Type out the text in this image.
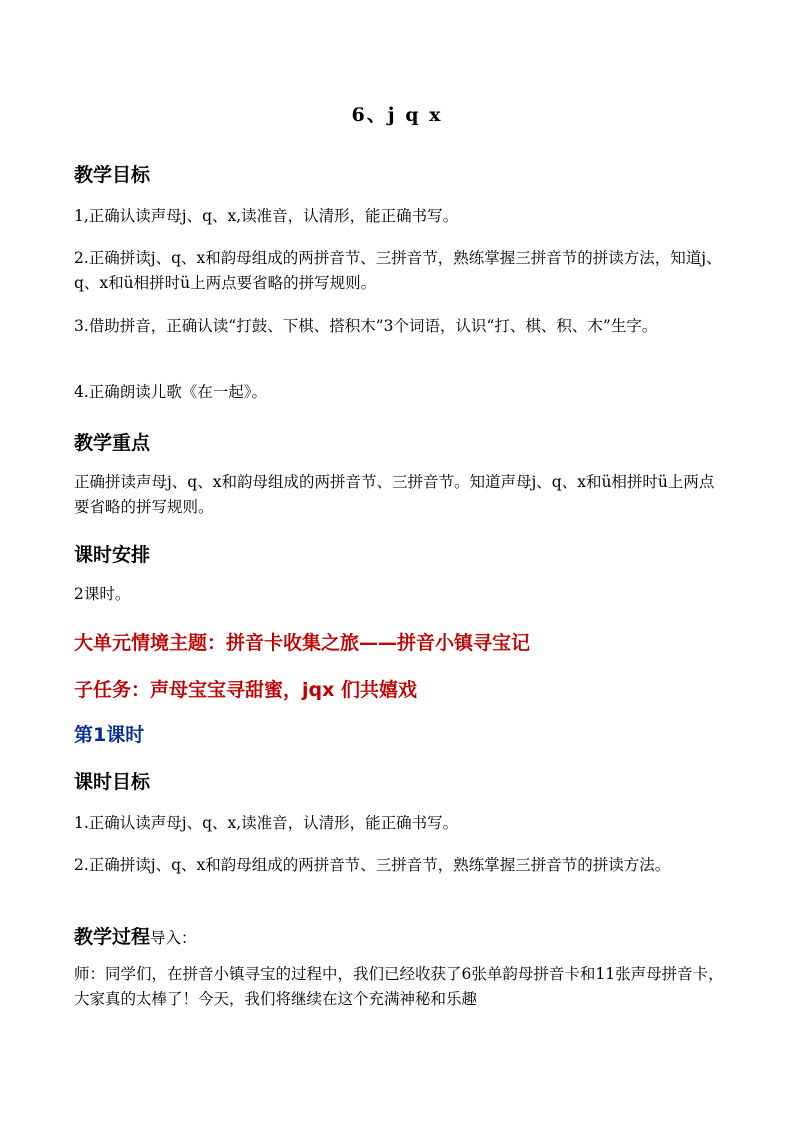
6、j q x
教学目标
1,正确认读声母j、q、x,读准音，认清形，能正确书写。
2.正确拼读j、q、x和韵母组成的两拼音节、三拼音节，熟练掌握三拼音节的拼读方法，知道j、q、x和ü相拼时ü上两点要省略的拼写规则。
3.借助拼音，正确认读“打鼓、下棋、搭积木”3个词语，认识“打、棋、积、木”生字。
4.正确朗读儿歌《在一起》。
教学重点
正确拼读声母j、q、x和韵母组成的两拼音节、三拼音节。知道声母j、q、x和ü相拼时ü上两点要省略的拼写规则。
课时安排
2课时。
大单元情境主题：拼音卡收集之旅——拼音小镇寻宝记
子任务：声母宝宝寻甜蜜，jqx 们共嬉戏
第1课时
课时目标
1.正确认读声母j、q、x,读准音，认清形，能正确书写。
2.正确拼读j、q、x和韵母组成的两拼音节、三拼音节，熟练掌握三拼音节的拼读方法。
教学过程导入：
师：同学们，在拼音小镇寻宝的过程中，我们已经收获了6张单韵母拼音卡和11张声母拼音卡，大家真的太棒了！今天，我们将继续在这个充满神秘和乐趣
